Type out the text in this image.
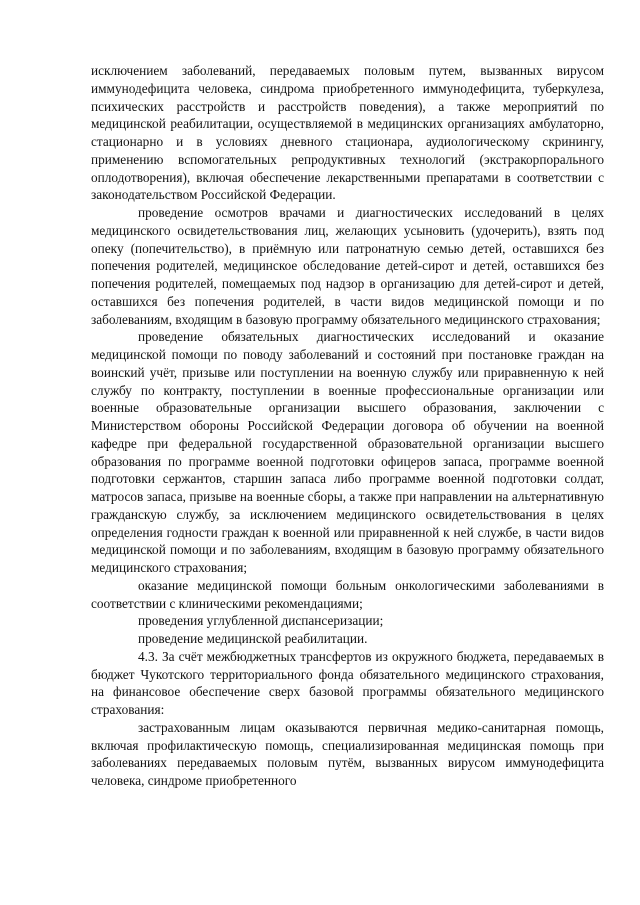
исключением заболеваний, передаваемых половым путем, вызванных вирусом иммунодефицита человека, синдрома приобретенного иммунодефицита, туберкулеза, психических расстройств и расстройств поведения), а также мероприятий по медицинской реабилитации, осуществляемой в медицинских организациях амбулаторно, стационарно и в условиях дневного стационара, аудиологическому скринингу, применению вспомогательных репродуктивных технологий (экстракорпорального оплодотворения), включая обеспечение лекарственными препаратами в соответствии с законодательством Российской Федерации.

проведение осмотров врачами и диагностических исследований в целях медицинского освидетельствования лиц, желающих усыновить (удочерить), взять под опеку (попечительство), в приёмную или патронатную семью детей, оставшихся без попечения родителей, медицинское обследование детей-сирот и детей, оставшихся без попечения родителей, помещаемых под надзор в организацию для детей-сирот и детей, оставшихся без попечения родителей, в части видов медицинской помощи и по заболеваниям, входящим в базовую программу обязательного медицинского страхования;

проведение обязательных диагностических исследований и оказание медицинской помощи по поводу заболеваний и состояний при постановке граждан на воинский учёт, призыве или поступлении на военную службу или приравненную к ней службу по контракту, поступлении в военные профессиональные организации или военные образовательные организации высшего образования, заключении с Министерством обороны Российской Федерации договора об обучении на военной кафедре при федеральной государственной образовательной организации высшего образования по программе военной подготовки офицеров запаса, программе военной подготовки сержантов, старшин запаса либо программе военной подготовки солдат, матросов запаса, призыве на военные сборы, а также при направлении на альтернативную гражданскую службу, за исключением медицинского освидетельствования в целях определения годности граждан к военной или приравненной к ней службе, в части видов медицинской помощи и по заболеваниям, входящим в базовую программу обязательного медицинского страхования;

оказание медицинской помощи больным онкологическими заболеваниями в соответствии с клиническими рекомендациями;

проведения углубленной диспансеризации;

проведение медицинской реабилитации.

4.3. За счёт межбюджетных трансфертов из окружного бюджета, передаваемых в бюджет Чукотского территориального фонда обязательного медицинского страхования, на финансовое обеспечение сверх базовой программы обязательного медицинского страхования:

застрахованным лицам оказываются первичная медико-санитарная помощь, включая профилактическую помощь, специализированная медицинская помощь при заболеваниях передаваемых половым путём, вызванных вирусом иммунодефицита человека, синдроме приобретенного
